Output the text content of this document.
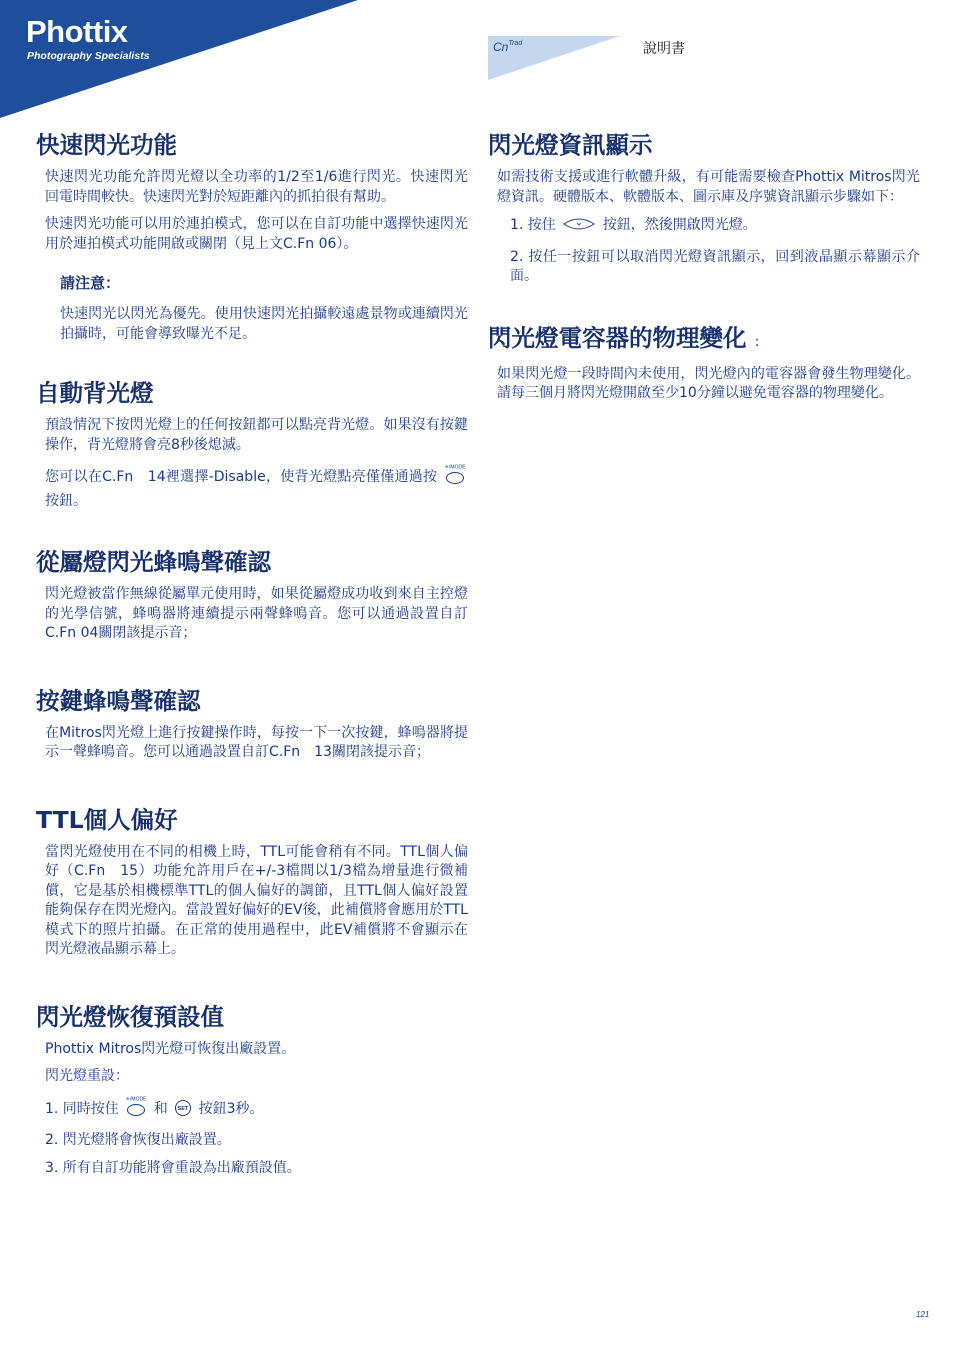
Phottix
Photography Specialists
$Cn^{Trad}$	說明書
快速閃光功能

快速閃光功能允許閃光燈以全功率的1/2至1/6進行閃光。快速閃光回電時間較快。快速閃光對於短距離內的抓拍很有幫助。

快速閃光功能可以用於連拍模式，您可以在自訂功能中選擇快速閃光用於連拍模式功能開啟或關閉（見上文C.Fn 06）。

請注意：

快速閃光以閃光為優先。使用快速閃光拍攝較遠處景物或連續閃光拍攝時，可能會導致曝光不足。

自動背光燈

預設情況下按閃光燈上的任何按鈕都可以點亮背光燈。如果沒有按鍵操作，背光燈將會亮8秒後熄滅。

您可以在C.Fn　14裡選擇-Disable，使背光燈點亮僅僅通過按
☀/MODE
按鈕。

從屬燈閃光蜂鳴聲確認

閃光燈被當作無線從屬單元使用時，如果從屬燈成功收到來自主控燈的光學信號，蜂鳴器將連續提示兩聲蜂鳴音。您可以通過設置自訂C.Fn 04關閉該提示音；

按鍵蜂鳴聲確認

在Mitros閃光燈上進行按鍵操作時，每按一下一次按鍵，蜂鳴器將提示一聲蜂鳴音。您可以通過設置自訂C.Fn　13關閉該提示音；

TTL個人偏好

當閃光燈使用在不同的相機上時，TTL可能會稍有不同。TTL個人偏好（C.Fn　15）功能允許用戶在+/-3檔間以1/3檔為增量進行微補償，它是基於相機標準TTL的個人偏好的調節，且TTL個人偏好設置能夠保存在閃光燈內。當設置好偏好的EV後，此補償將會應用於TTL模式下的照片拍攝。在正常的使用過程中，此EV補償將不會顯示在閃光燈液晶顯示幕上。

閃光燈恢復預設值

Phottix Mitros閃光燈可恢復出廠設置。

閃光燈重設：

1. 同時按住
☀/MODE
和 SET 按鈕3秒。

2. 閃光燈將會恢復出廠設置。

3. 所有自訂功能將會重設為出廠預設值。

閃光燈資訊顯示

如需技術支援或進行軟體升級，有可能需要檢查Phottix Mitros閃光燈資訊。硬體版本、軟體版本、圖示庫及序號資訊顯示步驟如下：

1. 按住	按鈕，然後開啟閃光燈。

2. 按任一按鈕可以取消閃光燈資訊顯示，回到液晶顯示幕顯示介面。

閃光燈電容器的物理變化 :

如果閃光燈一段時間內未使用，閃光燈內的電容器會發生物理變化。請每三個月將閃光燈開啟至少10分鐘以避免電容器的物理變化。

121
